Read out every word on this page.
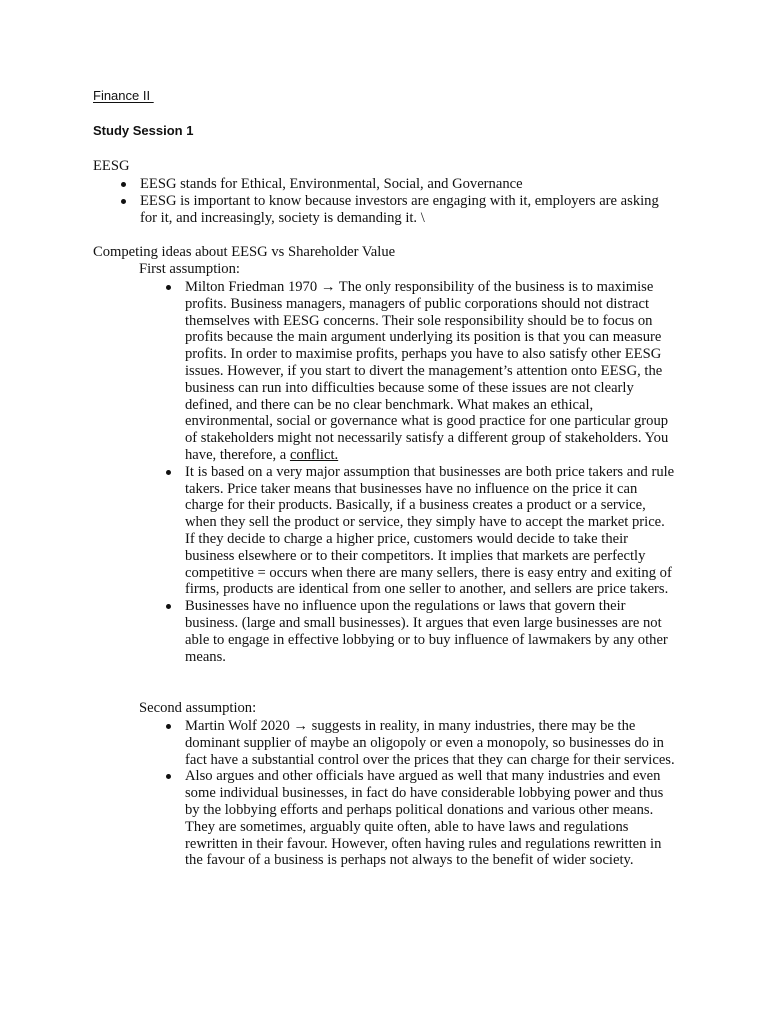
Finance II
Study Session 1
EESG
EESG stands for Ethical, Environmental, Social, and Governance
EESG is important to know because investors are engaging with it, employers are asking for it, and increasingly, society is demanding it. \
Competing ideas about EESG vs Shareholder Value
First assumption:
Milton Friedman 1970 → The only responsibility of the business is to maximise profits. Business managers, managers of public corporations should not distract themselves with EESG concerns. Their sole responsibility should be to focus on profits because the main argument underlying its position is that you can measure profits. In order to maximise profits, perhaps you have to also satisfy other EESG issues. However, if you start to divert the management’s attention onto EESG, the business can run into difficulties because some of these issues are not clearly defined, and there can be no clear benchmark. What makes an ethical, environmental, social or governance what is good practice for one particular group of stakeholders might not necessarily satisfy a different group of stakeholders. You have, therefore, a conflict.
It is based on a very major assumption that businesses are both price takers and rule takers. Price taker means that businesses have no influence on the price it can charge for their products. Basically, if a business creates a product or a service, when they sell the product or service, they simply have to accept the market price. If they decide to charge a higher price, customers would decide to take their business elsewhere or to their competitors. It implies that markets are perfectly competitive = occurs when there are many sellers, there is easy entry and exiting of firms, products are identical from one seller to another, and sellers are price takers.
Businesses have no influence upon the regulations or laws that govern their business. (large and small businesses). It argues that even large businesses are not able to engage in effective lobbying or to buy influence of lawmakers by any other means.
Second assumption:
Martin Wolf 2020 → suggests in reality, in many industries, there may be the dominant supplier of maybe an oligopoly or even a monopoly, so businesses do in fact have a substantial control over the prices that they can charge for their services.
Also argues and other officials have argued as well that many industries and even some individual businesses, in fact do have considerable lobbying power and thus by the lobbying efforts and perhaps political donations and various other means. They are sometimes, arguably quite often, able to have laws and regulations rewritten in their favour. However, often having rules and regulations rewritten in the favour of a business is perhaps not always to the benefit of wider society.
